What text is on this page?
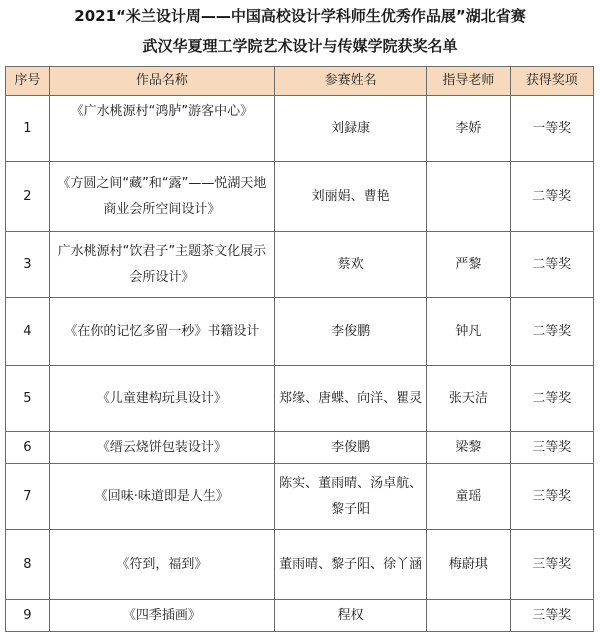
2021“米兰设计周——中国高校设计学科师生优秀作品展”湖北省赛
武汉华夏理工学院艺术设计与传媒学院获奖名单
序号	作品名称	参赛姓名	指导老师	获得奖项
1	《广水桃源村“鸿胪”游客中心》	刘録康	李娇	一等奖
2	《方圆之间“藏”和“露”——悦湖天地商业会所空间设计》	刘丽娟、曹艳		二等奖
3	广水桃源村“饮君子”主题茶文化展示会所设计》	蔡欢	严黎	二等奖
4	《在你的记忆多留一秒》书籍设计	李俊鹏	钟凡	二等奖
5	《儿童建构玩具设计》	郑缘、唐蝶、向洋、瞿灵	张天洁	二等奖
6	《缙云烧饼包装设计》	李俊鹏	梁黎	三等奖
7	《回味·味道即是人生》	陈实、董雨晴、汤卓航、黎子阳	童瑶	三等奖
8	《符到，福到》	董雨晴、黎子阳、徐丫涵	梅蔚琪	三等奖
9	《四季插画》	程权		三等奖
